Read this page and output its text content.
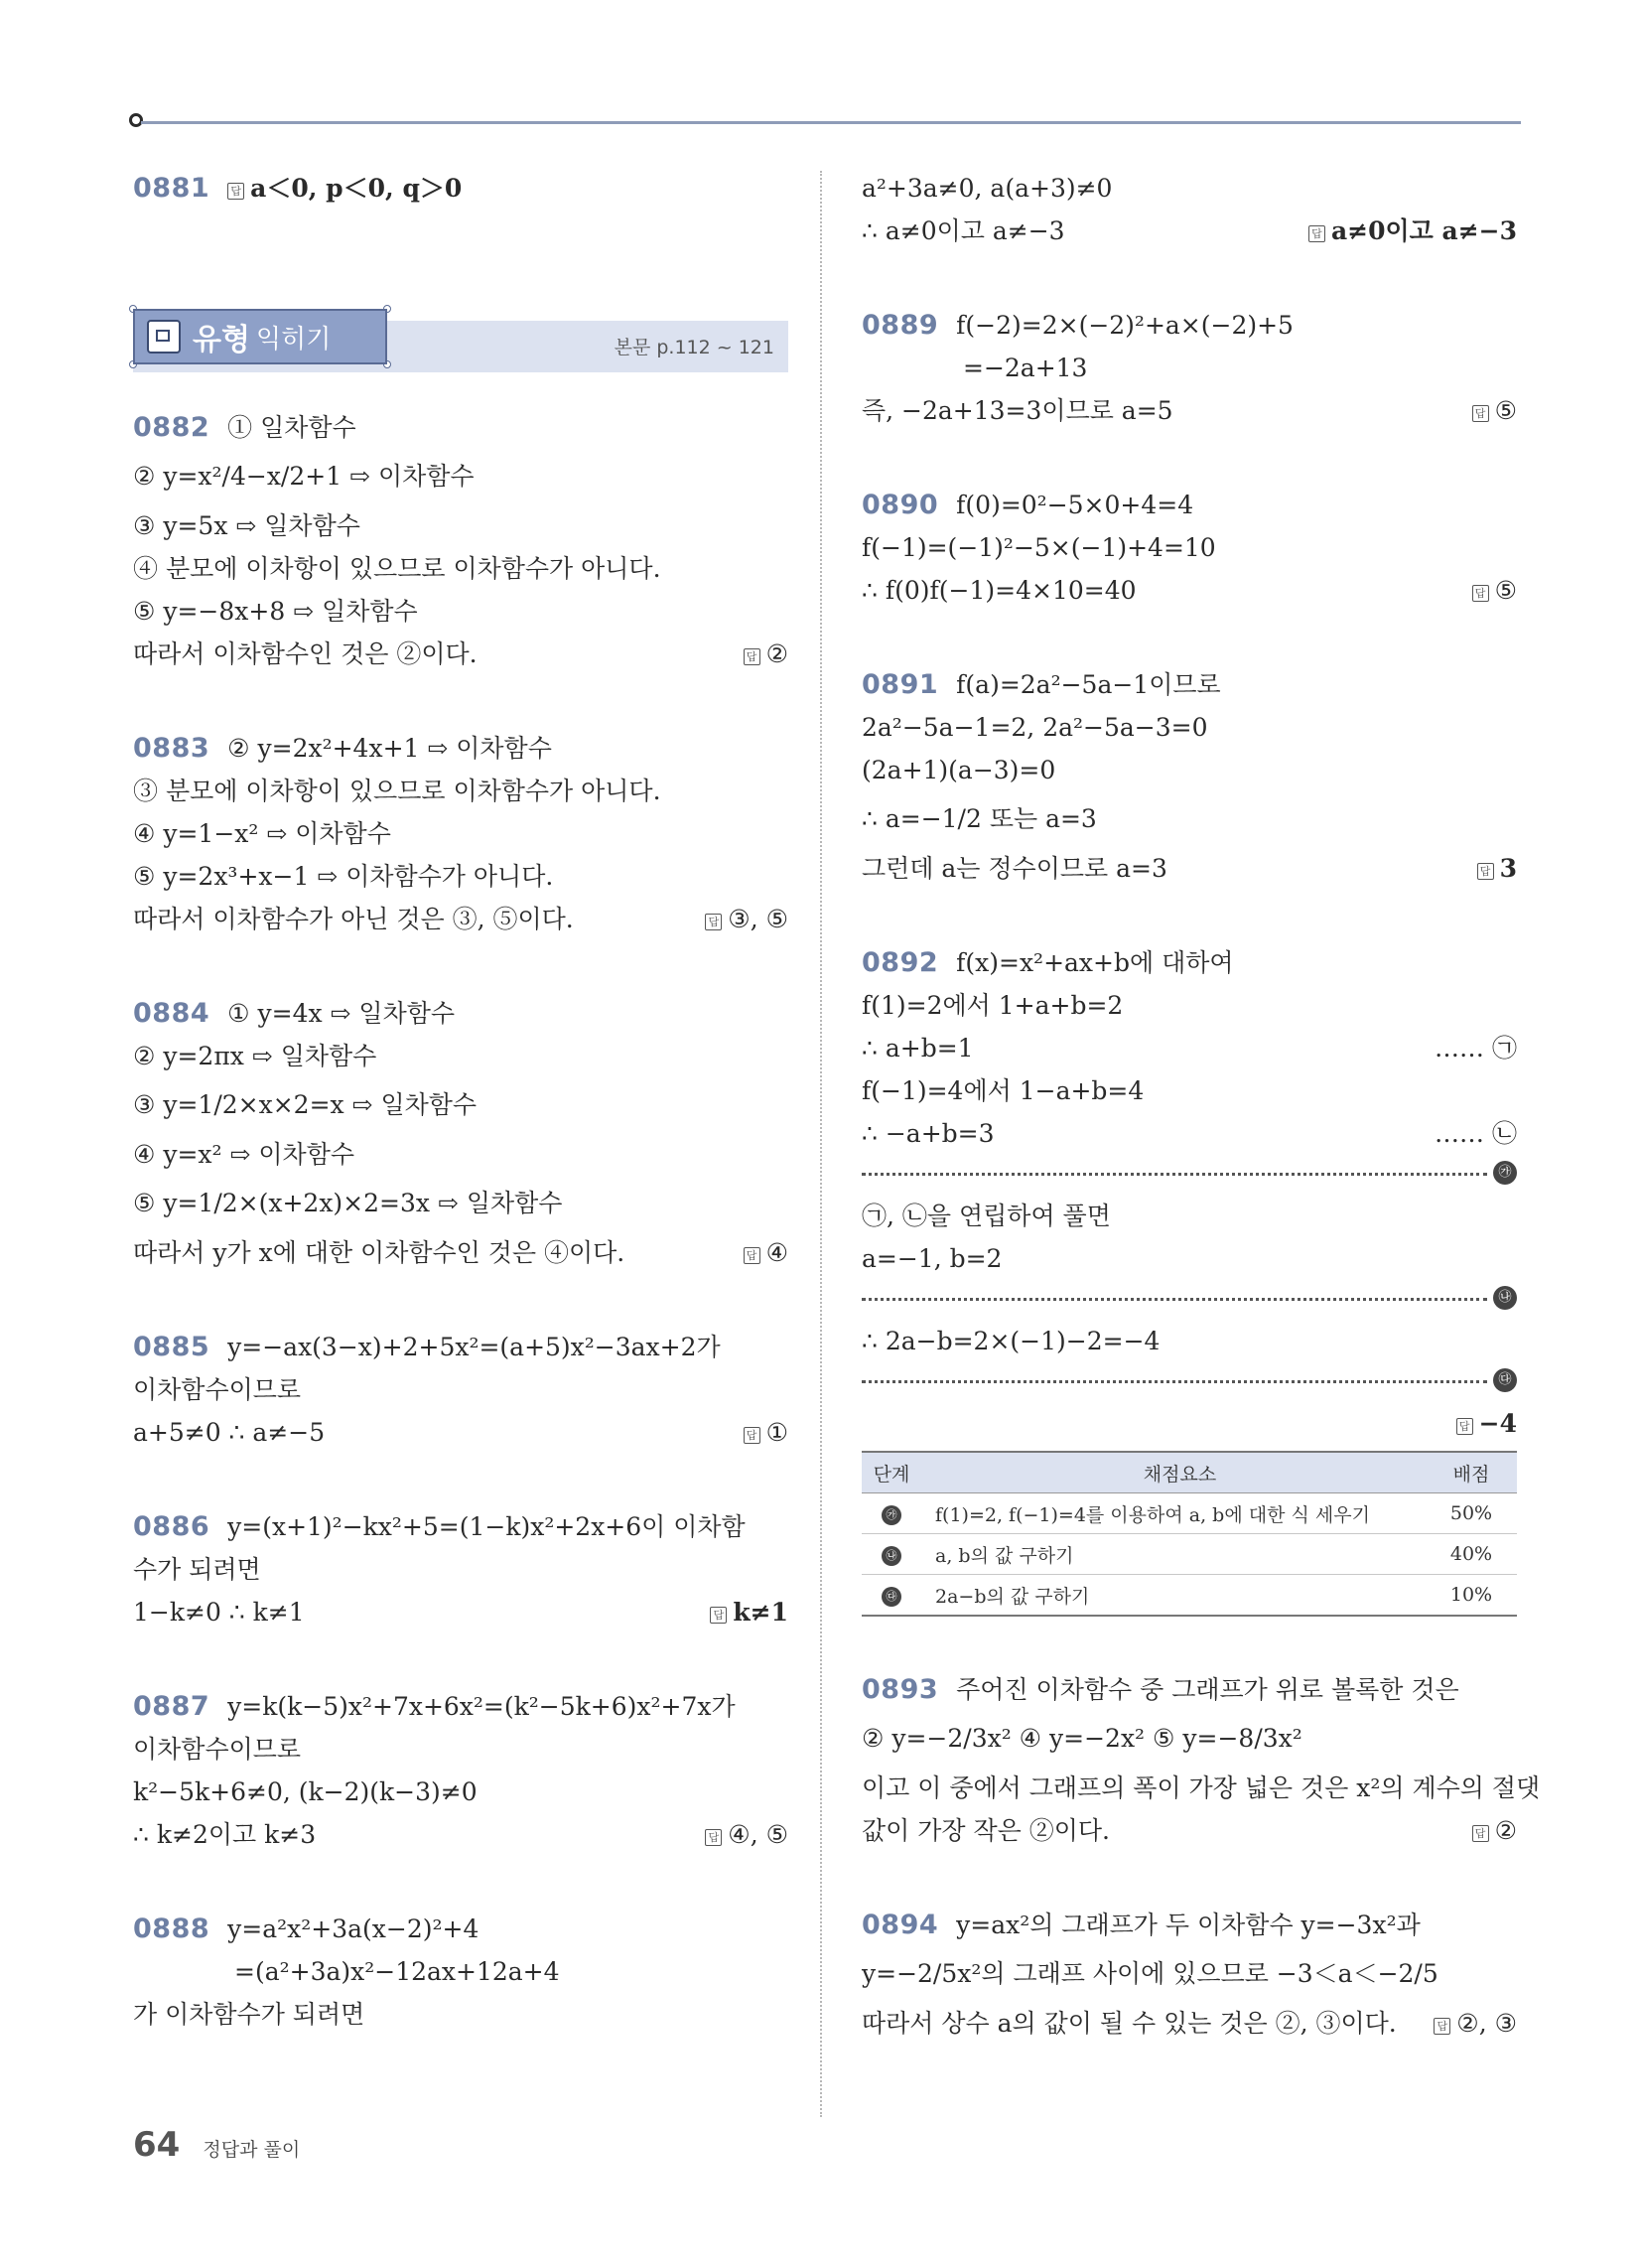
0881 답 a＜0, p＜0, q＞0
유형 익히기	본문 p.112 ~ 121
0882 ① 일차함수
② y=x²/4−x/2+1 ⇨ 이차함수
③ y=5x ⇨ 일차함수
④ 분모에 이차항이 있으므로 이차함수가 아니다.
⑤ y=−8x+8 ⇨ 일차함수
따라서 이차함수인 것은 ②이다.	답 ②
0883 ② y=2x²+4x+1 ⇨ 이차함수
③ 분모에 이차항이 있으므로 이차함수가 아니다.
④ y=1−x² ⇨ 이차함수
⑤ y=2x³+x−1 ⇨ 이차함수가 아니다.
따라서 이차함수가 아닌 것은 ③, ⑤이다.	답 ③, ⑤
0884 ① y=4x ⇨ 일차함수
② y=2πx ⇨ 일차함수
③ y=1/2×x×2=x ⇨ 일차함수
④ y=x² ⇨ 이차함수
⑤ y=1/2×(x+2x)×2=3x ⇨ 일차함수
따라서 y가 x에 대한 이차함수인 것은 ④이다.	답 ④
0885 y=−ax(3−x)+2+5x²=(a+5)x²−3ax+2가
이차함수이므로
a+5≠0 ∴ a≠−5	답 ①
0886 y=(x+1)²−kx²+5=(1−k)x²+2x+6이 이차함
수가 되려면
1−k≠0 ∴ k≠1	답 k≠1
0887 y=k(k−5)x²+7x+6x²=(k²−5k+6)x²+7x가
이차함수이므로
k²−5k+6≠0, (k−2)(k−3)≠0
∴ k≠2이고 k≠3	답 ④, ⑤
0888 y=a²x²+3a(x−2)²+4
=(a²+3a)x²−12ax+12a+4
가 이차함수가 되려면
a²+3a≠0, a(a+3)≠0
∴ a≠0이고 a≠−3	답 a≠0이고 a≠−3
0889 f(−2)=2×(−2)²+a×(−2)+5
=−2a+13
즉, −2a+13=3이므로 a=5	답 ⑤
0890 f(0)=0²−5×0+4=4
f(−1)=(−1)²−5×(−1)+4=10
∴ f(0)f(−1)=4×10=40	답 ⑤
0891 f(a)=2a²−5a−1이므로
2a²−5a−1=2, 2a²−5a−3=0
(2a+1)(a−3)=0
∴ a=−1/2 또는 a=3
그런데 a는 정수이므로 a=3	답 3
0892 f(x)=x²+ax+b에 대하여
f(1)=2에서 1+a+b=2
∴ a+b=1	…… ㉠
f(−1)=4에서 1−a+b=4
∴ −a+b=3	…… ㉡
㉮
㉠, ㉡을 연립하여 풀면
a=−1, b=2
㉯
∴ 2a−b=2×(−1)−2=−4
㉰
답 −4
단계	채점요소	배점
㉮	f(1)=2, f(−1)=4를 이용하여 a, b에 대한 식 세우기	50%
㉯	a, b의 값 구하기	40%
㉰	2a−b의 값 구하기	10%
0893 주어진 이차함수 중 그래프가 위로 볼록한 것은
② y=−2/3x² ④ y=−2x² ⑤ y=−8/3x²
이고 이 중에서 그래프의 폭이 가장 넓은 것은 x²의 계수의 절댓
값이 가장 작은 ②이다.	답 ②
0894 y=ax²의 그래프가 두 이차함수 y=−3x²과
y=−2/5x²의 그래프 사이에 있으므로 −3＜a＜−2/5
따라서 상수 a의 값이 될 수 있는 것은 ②, ③이다.	답 ②, ③
64 정답과 풀이
